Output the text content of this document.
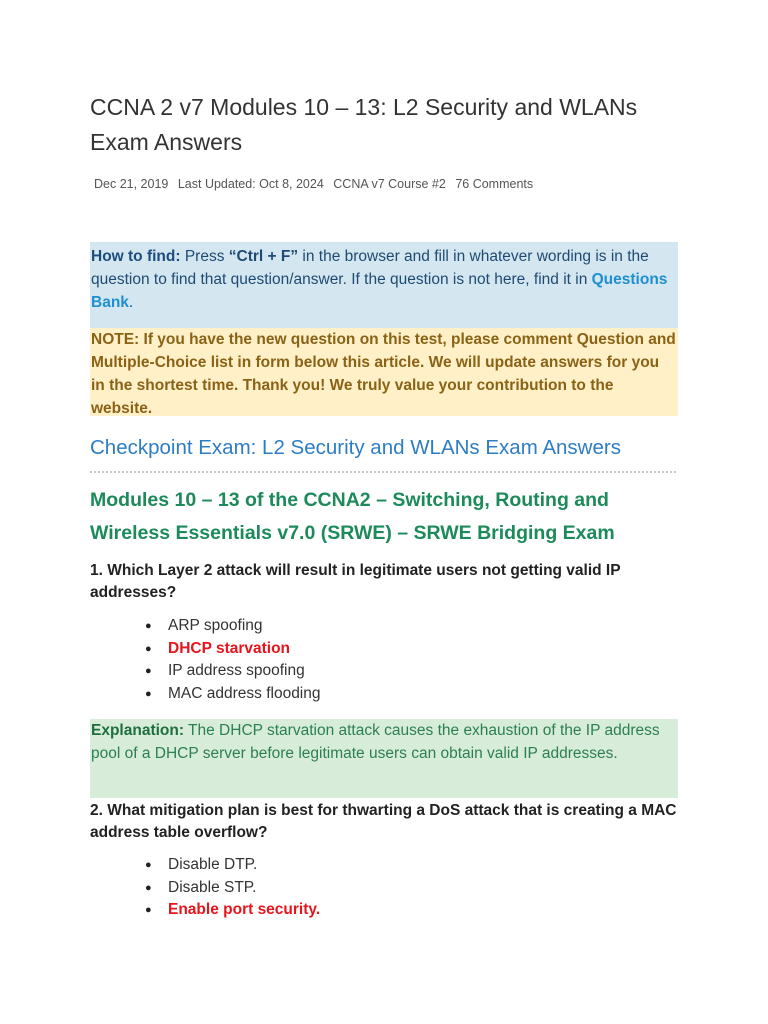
CCNA 2 v7 Modules 10 – 13: L2 Security and WLANs Exam Answers
Dec 21, 2019 Last Updated: Oct 8, 2024 CCNA v7 Course #2 76 Comments
How to find: Press “Ctrl + F” in the browser and fill in whatever wording is in the question to find that question/answer. If the question is not here, find it in Questions Bank.
NOTE: If you have the new question on this test, please comment Question and Multiple-Choice list in form below this article. We will update answers for you in the shortest time. Thank you! We truly value your contribution to the website.
Checkpoint Exam: L2 Security and WLANs Exam Answers
Modules 10 – 13 of the CCNA2 – Switching, Routing and Wireless Essentials v7.0 (SRWE) – SRWE Bridging Exam

1. Which Layer 2 attack will result in legitimate users not getting valid IP addresses?

● ARP spoofing
● DHCP starvation
● IP address spoofing
● MAC address flooding
Explanation: The DHCP starvation attack causes the exhaustion of the IP address pool of a DHCP server before legitimate users can obtain valid IP addresses.

2. What mitigation plan is best for thwarting a DoS attack that is creating a MAC address table overflow?

● Disable DTP.
● Disable STP.
● Enable port security.
